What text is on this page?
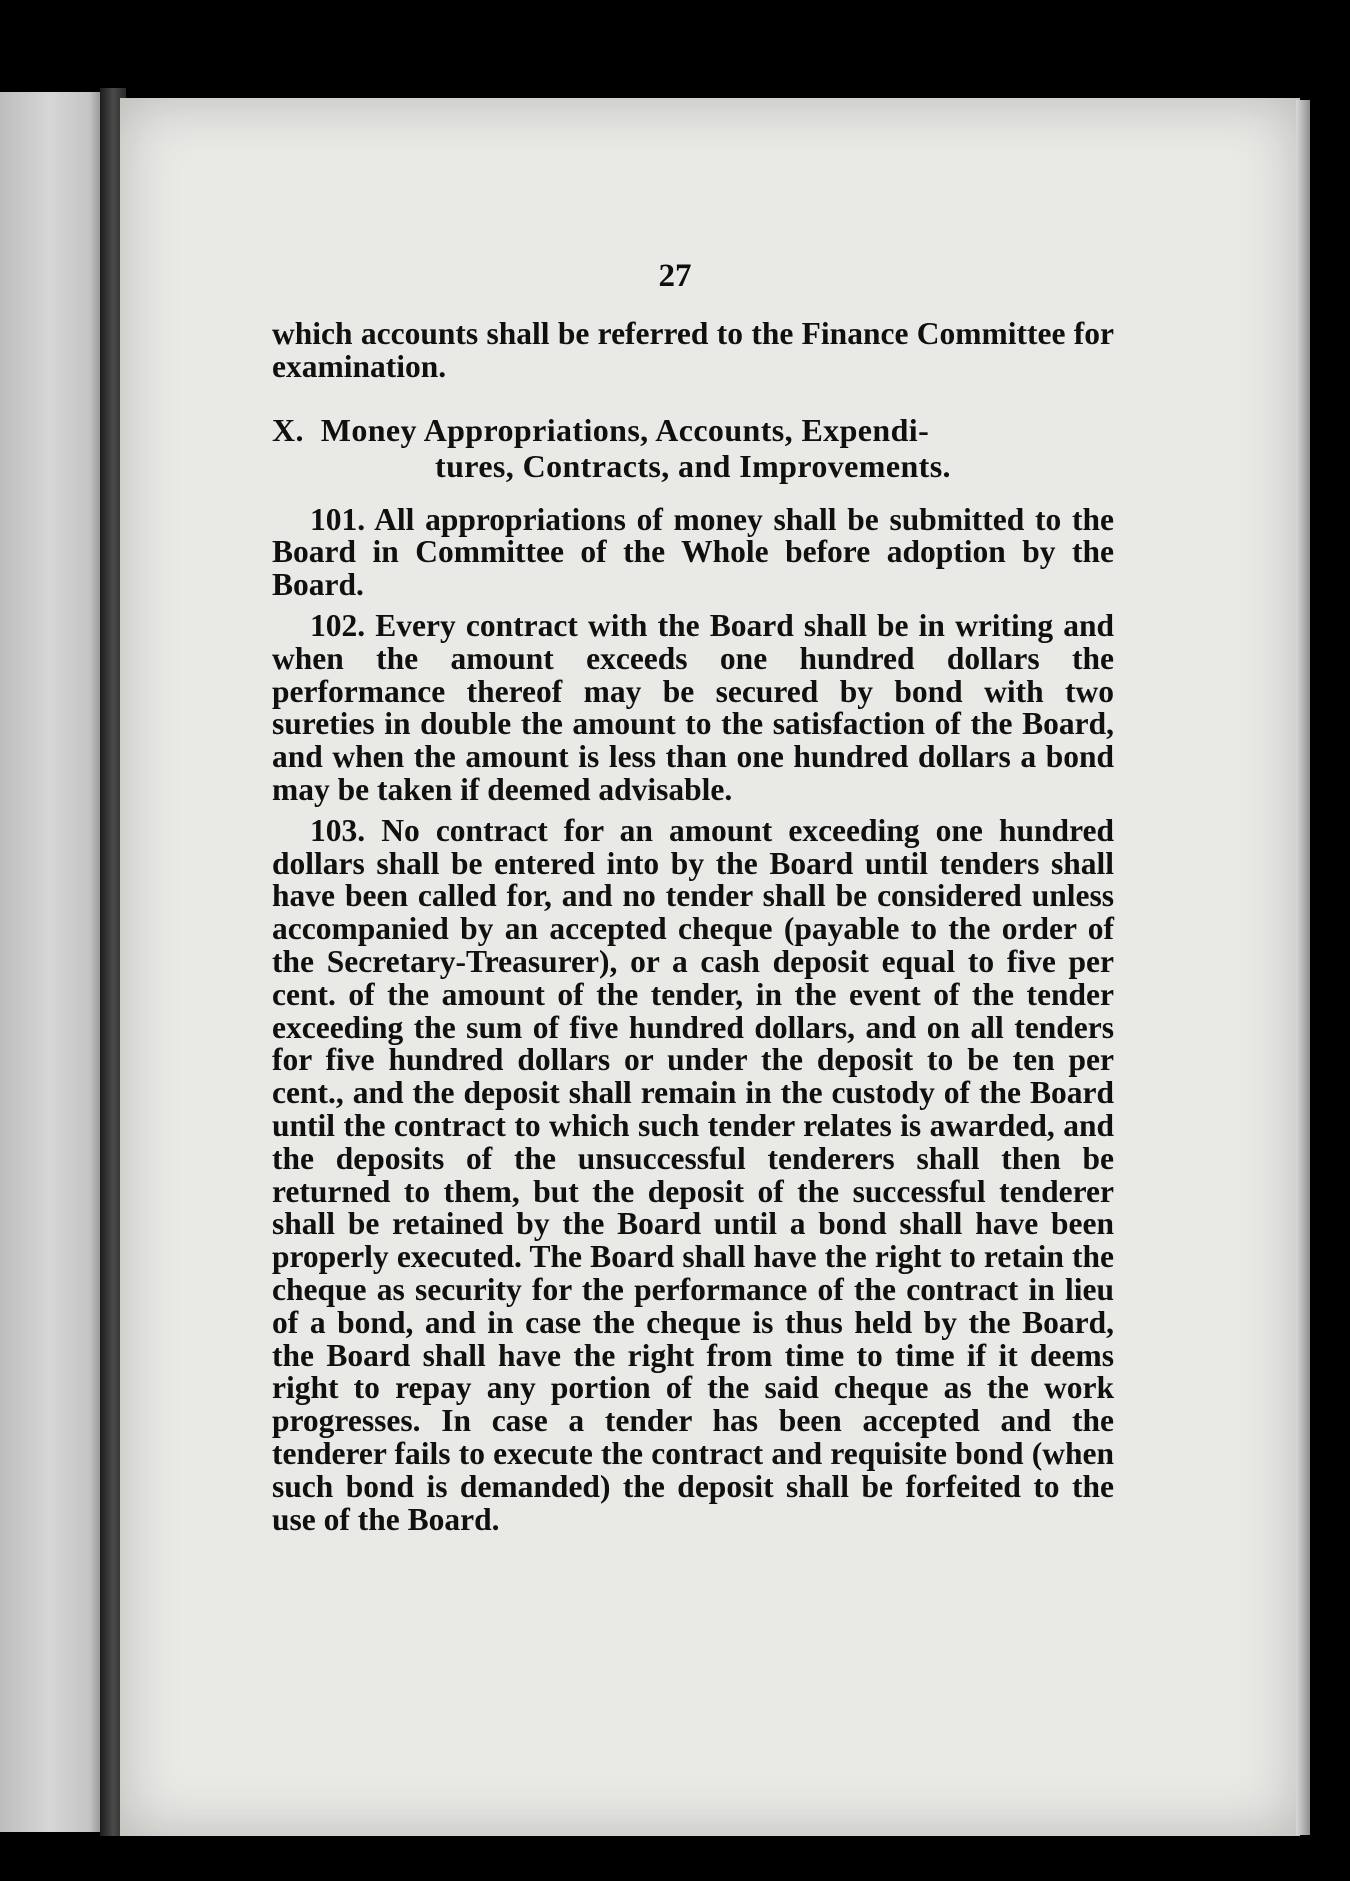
27

which accounts shall be referred to the Finance Committee for examination.

X. Money Appropriations, Accounts, Expendi-
tures, Contracts, and Improvements.

101. All appropriations of money shall be submitted to the Board in Committee of the Whole before adoption by the Board.

102. Every contract with the Board shall be in writing and when the amount exceeds one hundred dollars the performance thereof may be secured by bond with two sureties in double the amount to the satisfaction of the Board, and when the amount is less than one hundred dollars a bond may be taken if deemed advisable.

103. No contract for an amount exceeding one hundred dollars shall be entered into by the Board until tenders shall have been called for, and no tender shall be considered unless accompanied by an accepted cheque (payable to the order of the Secretary-Treasurer), or a cash deposit equal to five per cent. of the amount of the tender, in the event of the tender exceeding the sum of five hundred dollars, and on all tenders for five hundred dollars or under the deposit to be ten per cent., and the deposit shall remain in the custody of the Board until the contract to which such tender relates is awarded, and the deposits of the unsuccessful tenderers shall then be returned to them, but the deposit of the successful tenderer shall be retained by the Board until a bond shall have been properly executed. The Board shall have the right to retain the cheque as security for the performance of the contract in lieu of a bond, and in case the cheque is thus held by the Board, the Board shall have the right from time to time if it deems right to repay any portion of the said cheque as the work progresses. In case a tender has been accepted and the tenderer fails to execute the contract and requisite bond (when such bond is demanded) the deposit shall be forfeited to the use of the Board.
